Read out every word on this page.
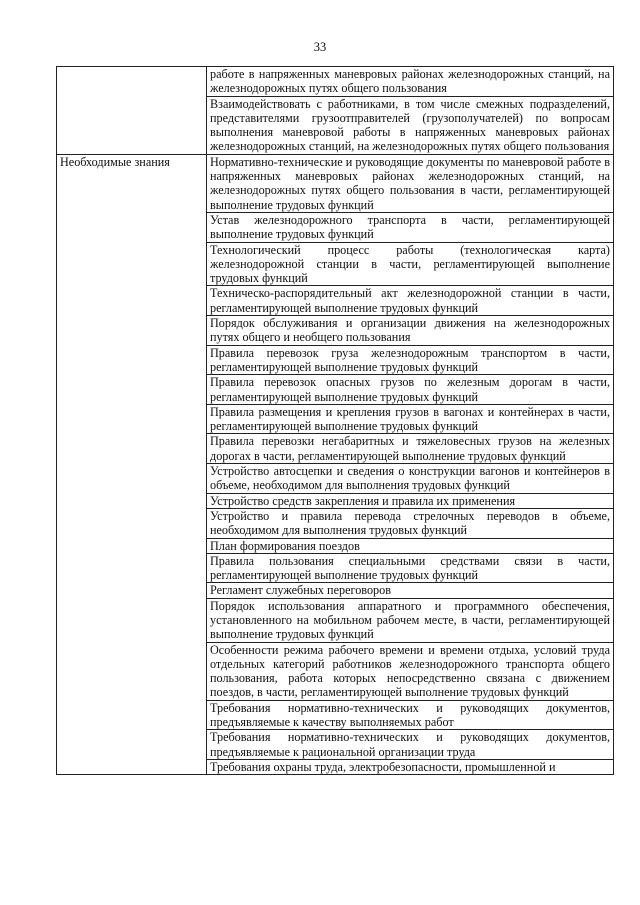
33
	работе в напряженных маневровых районах железнодорожных станций, на железнодорожных путях общего пользования
	Взаимодействовать с работниками, в том числе смежных подразделений, представителями грузоотправителей (грузополучателей) по вопросам выполнения маневровой работы в напряженных маневровых районах железнодорожных станций, на железнодорожных путях общего пользования
Необходимые знания	Нормативно-технические и руководящие документы по маневровой работе в напряженных маневровых районах железнодорожных станций, на железнодорожных путях общего пользования в части, регламентирующей выполнение трудовых функций
	Устав железнодорожного транспорта в части, регламентирующей выполнение трудовых функций
	Технологический процесс работы (технологическая карта) железнодорожной станции в части, регламентирующей выполнение трудовых функций
	Техническо-распорядительный акт железнодорожной станции в части, регламентирующей выполнение трудовых функций
	Порядок обслуживания и организации движения на железнодорожных путях общего и необщего пользования
	Правила перевозок груза железнодорожным транспортом в части, регламентирующей выполнение трудовых функций
	Правила перевозок опасных грузов по железным дорогам в части, регламентирующей выполнение трудовых функций
	Правила размещения и крепления грузов в вагонах и контейнерах в части, регламентирующей выполнение трудовых функций
	Правила перевозки негабаритных и тяжеловесных грузов на железных дорогах в части, регламентирующей выполнение трудовых функций
	Устройство автосцепки и сведения о конструкции вагонов и контейнеров в объеме, необходимом для выполнения трудовых функций
	Устройство средств закрепления и правила их применения
	Устройство и правила перевода стрелочных переводов в объеме, необходимом для выполнения трудовых функций
	План формирования поездов
	Правила пользования специальными средствами связи в части, регламентирующей выполнение трудовых функций
	Регламент служебных переговоров
	Порядок использования аппаратного и программного обеспечения, установленного на мобильном рабочем месте, в части, регламентирующей выполнение трудовых функций
	Особенности режима рабочего времени и времени отдыха, условий труда отдельных категорий работников железнодорожного транспорта общего пользования, работа которых непосредственно связана с движением поездов, в части, регламентирующей выполнение трудовых функций
	Требования нормативно-технических и руководящих документов, предъявляемые к качеству выполняемых работ
	Требования нормативно-технических и руководящих документов, предъявляемые к рациональной организации труда
	Требования охраны труда, электробезопасности, промышленной и
